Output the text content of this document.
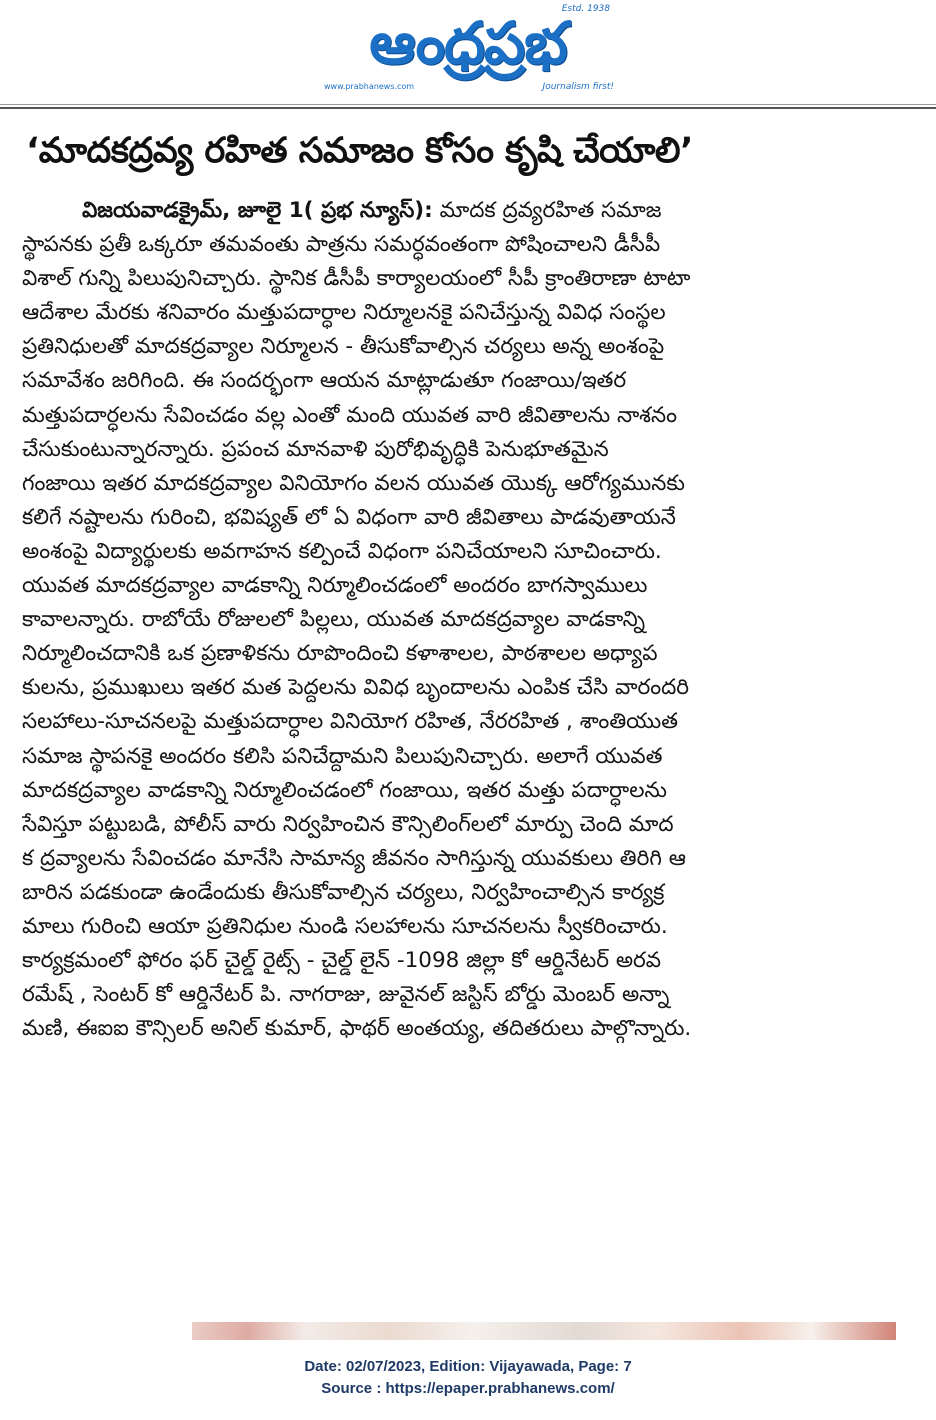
ఆంధ్రప్రభ
Estd. 1938
www.prabhanews.com	Journalism first!
‘మాదకద్రవ్య రహిత సమాజం కోసం కృషి చేయాలి’
విజయవాడక్రైమ్, జూలై 1( ప్రభ న్యూస్): మాదక ద్రవ్యరహిత సమాజ
స్థాపనకు ప్రతీ ఒక్కరూ తమవంతు పాత్రను సమర్ధవంతంగా పోషించాలని డీసీపీ
విశాల్ గున్ని పిలుపునిచ్చారు. స్థానిక డీసీపీ కార్యాలయంలో సీపీ క్రాంతిరాణా టాటా
ఆదేశాల మేరకు శనివారం మత్తుపదార్ధాల నిర్మూలనకై పనిచేస్తున్న వివిధ సంస్థల
ప్రతినిధులతో మాదకద్రవ్యాల నిర్మూలన - తీసుకోవాల్సిన చర్యలు అన్న అంశంపై
సమావేశం జరిగింది. ఈ సందర్భంగా ఆయన మాట్లాడుతూ గంజాయి/ఇతర
మత్తుపదార్ధలను సేవించడం వల్ల ఎంతో మంది యువత వారి జీవితాలను నాశనం
చేసుకుంటున్నారన్నారు. ప్రపంచ మానవాళి పురోభివృద్ధికి పెనుభూతమైన
గంజాయి ఇతర మాదకద్రవ్యాల వినియోగం వలన యువత యొక్క ఆరోగ్యమునకు
కలిగే నష్టాలను గురించి, భవిష్యత్ లో ఏ విధంగా వారి జీవితాలు పాడవుతాయనే
అంశంపై విద్యార్థులకు అవగాహన కల్పించే విధంగా పనిచేయాలని సూచించారు.
యువత మాదకద్రవ్యాల వాడకాన్ని నిర్మూలించడంలో అందరం బాగస్వాములు
కావాలన్నారు. రాబోయే రోజులలో పిల్లలు, యువత మాదకద్రవ్యాల వాడకాన్ని
నిర్మూలించదానికి ఒక ప్రణాళికను రూపొందించి కళాశాలల, పాఠశాలల అధ్యాప
కులను, ప్రముఖులు ఇతర మత పెద్దలను వివిధ బృందాలను ఎంపిక చేసి వారందరి
సలహాలు-సూచనలపై మత్తుపదార్ధాల వినియోగ రహిత, నేరరహిత , శాంతియుత
సమాజ స్థాపనకై అందరం కలిసి పనిచేద్దామని పిలుపునిచ్చారు. అలాగే యువత
మాదకద్రవ్యాల వాడకాన్ని నిర్మూలించడంలో గంజాయి, ఇతర మత్తు పదార్ధాలను
సేవిస్తూ పట్టుబడి, పోలీస్ వారు నిర్వహించిన కౌన్సిలింగ్‌లలో మార్పు చెంది మాద
క ద్రవ్యాలను సేవించడం మానేసి సామాన్య జీవనం సాగిస్తున్న యువకులు తిరిగి ఆ
బారిన పడకుండా ఉండేందుకు తీసుకోవాల్సిన చర్యలు, నిర్వహించాల్సిన కార్యక్ర
మాలు గురించి ఆయా ప్రతినిధుల నుండి సలహాలను సూచనలను స్వీకరించారు.
కార్యక్రమంలో ఫోరం ఫర్ చైల్డ్ రైట్స్ - చైల్డ్ లైన్ -1098 జిల్లా కో ఆర్డినేటర్ అరవ
రమేష్ , సెంటర్ కో ఆర్డినేటర్ పి. నాగరాజు, జువైనల్ జస్టిస్ బోర్డు మెంబర్ అన్నా
మణి, ఈఐఐ కౌన్సిలర్ అనిల్ కుమార్, ఫాథర్ అంతయ్య, తదితరులు పాల్గొన్నారు.
Date: 02/07/2023, Edition: Vijayawada, Page: 7
Source : https://epaper.prabhanews.com/
